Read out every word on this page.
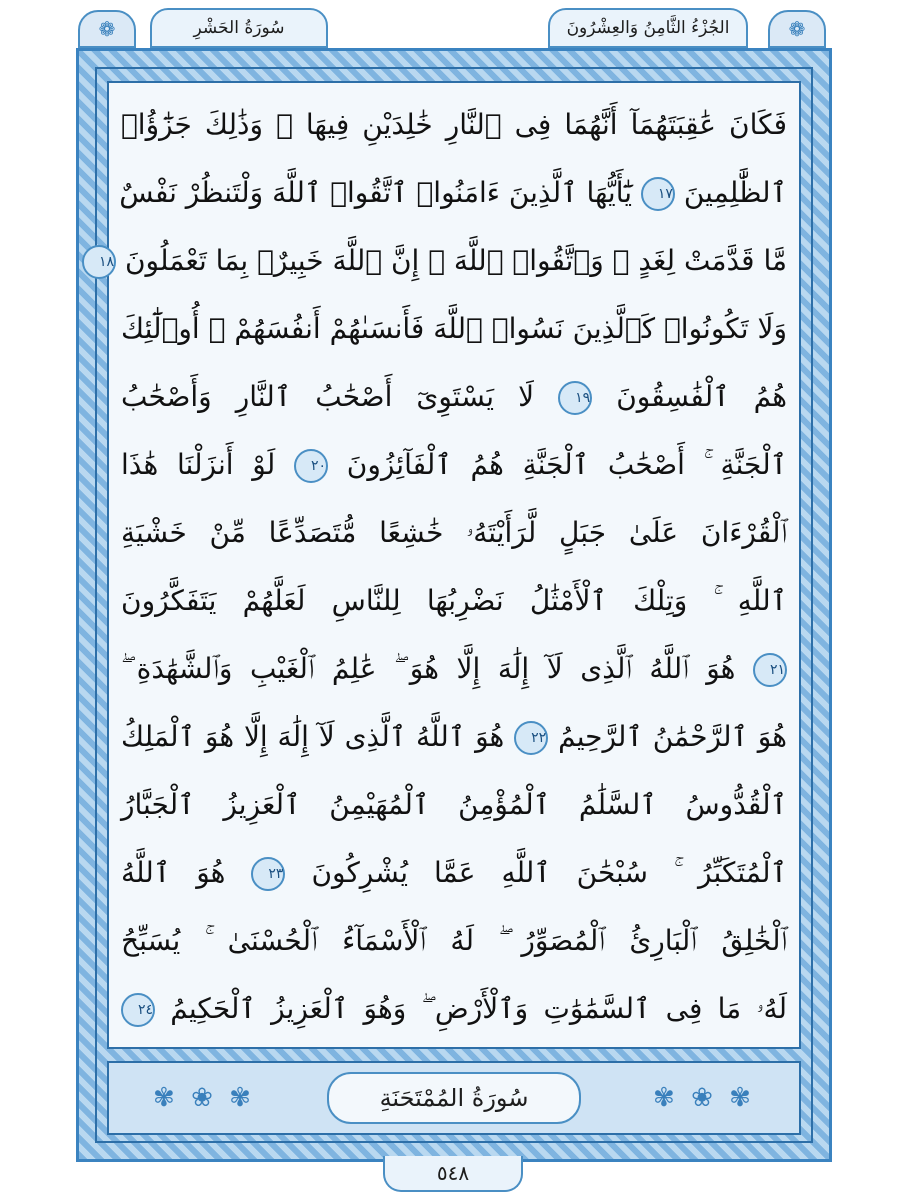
❁
الجُزْءُ الثَّامِنُ وَالعِشْرُونَ
سُورَةُ الحَشْرِ
❁
فَكَانَ عَٰقِبَتَهُمَآ أَنَّهُمَا فِى ٱلنَّارِ خَٰلِدَيْنِ فِيهَا ۚ وَذَٰلِكَ جَزَٰٓؤُا۟
ٱلظَّٰلِمِينَ ١٧ يَٰٓأَيُّهَا ٱلَّذِينَ ءَامَنُوا۟ ٱتَّقُوا۟ ٱللَّهَ وَلْتَنظُرْ نَفْسٌ
مَّا قَدَّمَتْ لِغَدٍ ۖ وَٱتَّقُوا۟ ٱللَّهَ ۚ إِنَّ ٱللَّهَ خَبِيرٌۢ بِمَا تَعْمَلُونَ ١٨
وَلَا تَكُونُوا۟ كَٱلَّذِينَ نَسُوا۟ ٱللَّهَ فَأَنسَىٰهُمْ أَنفُسَهُمْ ۚ أُو۟لَٰٓئِكَ
هُمُ ٱلْفَٰسِقُونَ ١٩ لَا يَسْتَوِىٓ أَصْحَٰبُ ٱلنَّارِ وَأَصْحَٰبُ
ٱلْجَنَّةِ ۚ أَصْحَٰبُ ٱلْجَنَّةِ هُمُ ٱلْفَآئِزُونَ ٢٠ لَوْ أَنزَلْنَا هَٰذَا
ٱلْقُرْءَانَ عَلَىٰ جَبَلٍ لَّرَأَيْتَهُۥ خَٰشِعًا مُّتَصَدِّعًا مِّنْ خَشْيَةِ
ٱللَّهِ ۚ وَتِلْكَ ٱلْأَمْثَٰلُ نَضْرِبُهَا لِلنَّاسِ لَعَلَّهُمْ يَتَفَكَّرُونَ
٢١ هُوَ ٱللَّهُ ٱلَّذِى لَآ إِلَٰهَ إِلَّا هُوَ ۖ عَٰلِمُ ٱلْغَيْبِ وَٱلشَّهَٰدَةِ ۖ
هُوَ ٱلرَّحْمَٰنُ ٱلرَّحِيمُ ٢٢ هُوَ ٱللَّهُ ٱلَّذِى لَآ إِلَٰهَ إِلَّا هُوَ ٱلْمَلِكُ
ٱلْقُدُّوسُ ٱلسَّلَٰمُ ٱلْمُؤْمِنُ ٱلْمُهَيْمِنُ ٱلْعَزِيزُ ٱلْجَبَّارُ
ٱلْمُتَكَبِّرُ ۚ سُبْحَٰنَ ٱللَّهِ عَمَّا يُشْرِكُونَ ٢٣ هُوَ ٱللَّهُ
ٱلْخَٰلِقُ ٱلْبَارِئُ ٱلْمُصَوِّرُ ۖ لَهُ ٱلْأَسْمَآءُ ٱلْحُسْنَىٰ ۚ يُسَبِّحُ
لَهُۥ مَا فِى ٱلسَّمَٰوَٰتِ وَٱلْأَرْضِ ۖ وَهُوَ ٱلْعَزِيزُ ٱلْحَكِيمُ ٢٤
✾ ❀ ✾	سُورَةُ المُمْتَحَنَةِ	✾ ❀ ✾
٥٤٨
